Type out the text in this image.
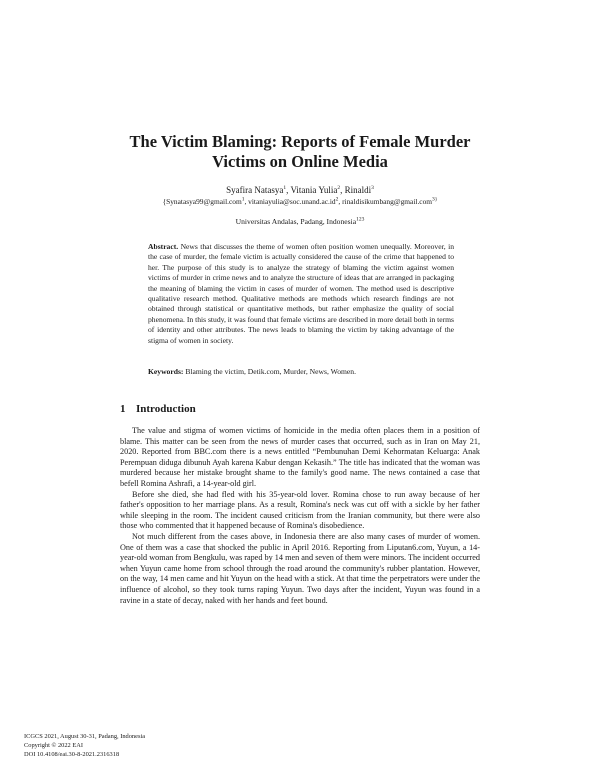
The Victim Blaming: Reports of Female Murder
Victims on Online Media
Syafira Natasya$^1$, Vitania Yulia$^2$, Rinaldi$^3$
{Synatasya99@gmail.com$^1$, $vitaniayulia@soc.unand.ac.id^2$, rinaldisikumbang@gmail.com$^{3\}}$
Universitas Andalas, Padang, Indonesia$^{123}$

Abstract. News that discusses the theme of women often position women unequally. Moreover, in the case of murder, the female victim is actually considered the cause of the crime that happened to her. The purpose of this study is to analyze the strategy of blaming the victim against women victims of murder in crime news and to analyze the structure of ideas that are arranged in packaging the meaning of blaming the victim in cases of murder of women. The method used is descriptive qualitative research method. Qualitative methods are methods which research findings are not obtained through statistical or quantitative methods, but rather emphasize the quality of social phenomena. In this study, it was found that female victims are described in more detail both in terms of identity and other attributes. The news leads to blaming the victim by taking advantage of the stigma of women in society.

Keywords: Blaming the victim, Detik.com, Murder, News, Women.

1 Introduction

The value and stigma of women victims of homicide in the media often places them in a position of blame. This matter can be seen from the news of murder cases that occurred, such as in Iran on May 21, 2020. Reported from BBC.com there is a news entitled “Pembunuhan Demi Kehormatan Keluarga: Anak Perempuan diduga dibunuh Ayah karena Kabur dengan Kekasih.” The title has indicated that the woman was murdered because her mistake brought shame to the family's good name. The news contained a case that befell Romina Ashrafi, a 14-year-old girl.

Before she died, she had fled with his 35-year-old lover. Romina chose to run away because of her father's opposition to her marriage plans. As a result, Romina's neck was cut off with a sickle by her father while sleeping in the room. The incident caused criticism from the Iranian community, but there were also those who commented that it happened because of Romina's disobedience.

Not much different from the cases above, in Indonesia there are also many cases of murder of women. One of them was a case that shocked the public in April 2016. Reporting from Liputan6.com, Yuyun, a 14-year-old woman from Bengkulu, was raped by 14 men and seven of them were minors. The incident occurred when Yuyun came home from school through the road around the community's rubber plantation. However, on the way, 14 men came and hit Yuyun on the head with a stick. At that time the perpetrators were under the influence of alcohol, so they took turns raping Yuyun. Two days after the incident, Yuyun was found in a ravine in a state of decay, naked with her hands and feet bound.

ICGCS 2021, August 30-31, Padang, Indonesia
Copyright © 2022 EAI
DOI 10.4108/eai.30-8-2021.2316318
